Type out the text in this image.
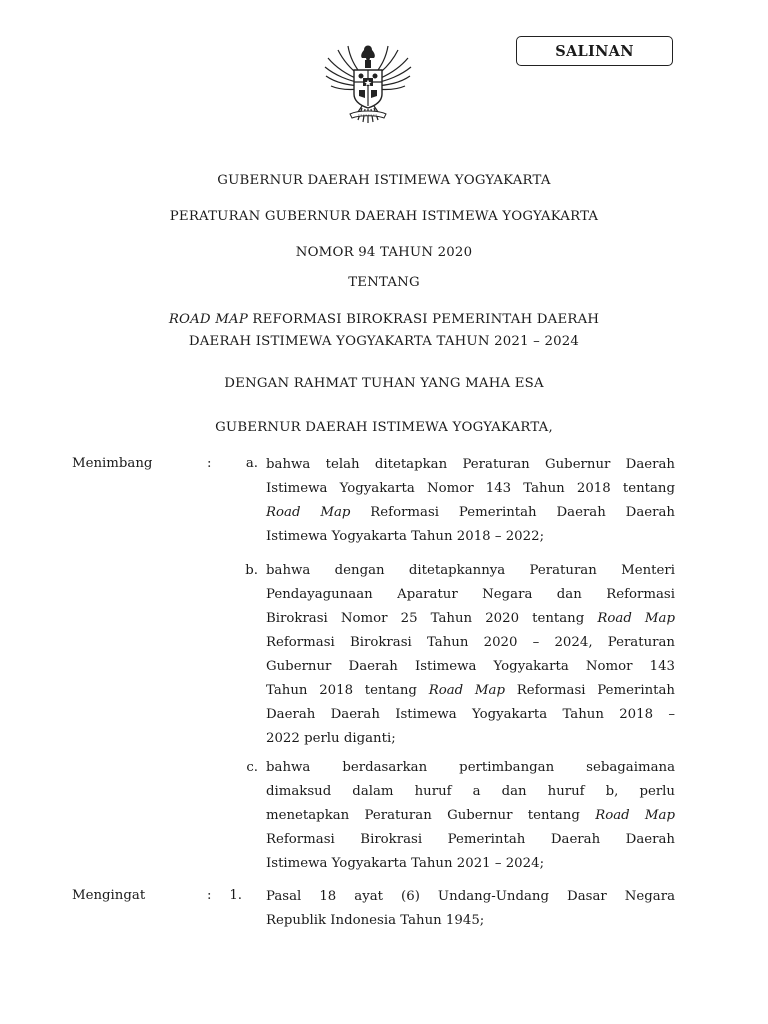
SALINAN
GUBERNUR DAERAH ISTIMEWA YOGYAKARTA
PERATURAN GUBERNUR DAERAH ISTIMEWA YOGYAKARTA
NOMOR 94 TAHUN 2020
TENTANG
ROAD MAP REFORMASI BIROKRASI PEMERINTAH DAERAH
DAERAH ISTIMEWA YOGYAKARTA TAHUN 2021 – 2024
DENGAN RAHMAT TUHAN YANG MAHA ESA
GUBERNUR DAERAH ISTIMEWA YOGYAKARTA,
Menimbang	:	a. bahwa telah ditetapkan Peraturan Gubernur Daerah
Istimewa Yogyakarta Nomor 143 Tahun 2018 tentang
Road Map Reformasi Pemerintah Daerah Daerah
Istimewa Yogyakarta Tahun 2018 – 2022;
b. bahwa dengan ditetapkannya Peraturan Menteri
Pendayagunaan Aparatur Negara dan Reformasi
Birokrasi Nomor 25 Tahun 2020 tentang Road Map
Reformasi Birokrasi Tahun 2020 – 2024, Peraturan
Gubernur Daerah Istimewa Yogyakarta Nomor 143
Tahun 2018 tentang Road Map Reformasi Pemerintah
Daerah Daerah Istimewa Yogyakarta Tahun 2018 –
2022 perlu diganti;
c. bahwa berdasarkan pertimbangan sebagaimana
dimaksud dalam huruf a dan huruf b, perlu
menetapkan Peraturan Gubernur tentang Road Map
Reformasi Birokrasi Pemerintah Daerah Daerah
Istimewa Yogyakarta Tahun 2021 – 2024;
Mengingat	:	1. Pasal 18 ayat (6) Undang-Undang Dasar Negara
Republik Indonesia Tahun 1945;
